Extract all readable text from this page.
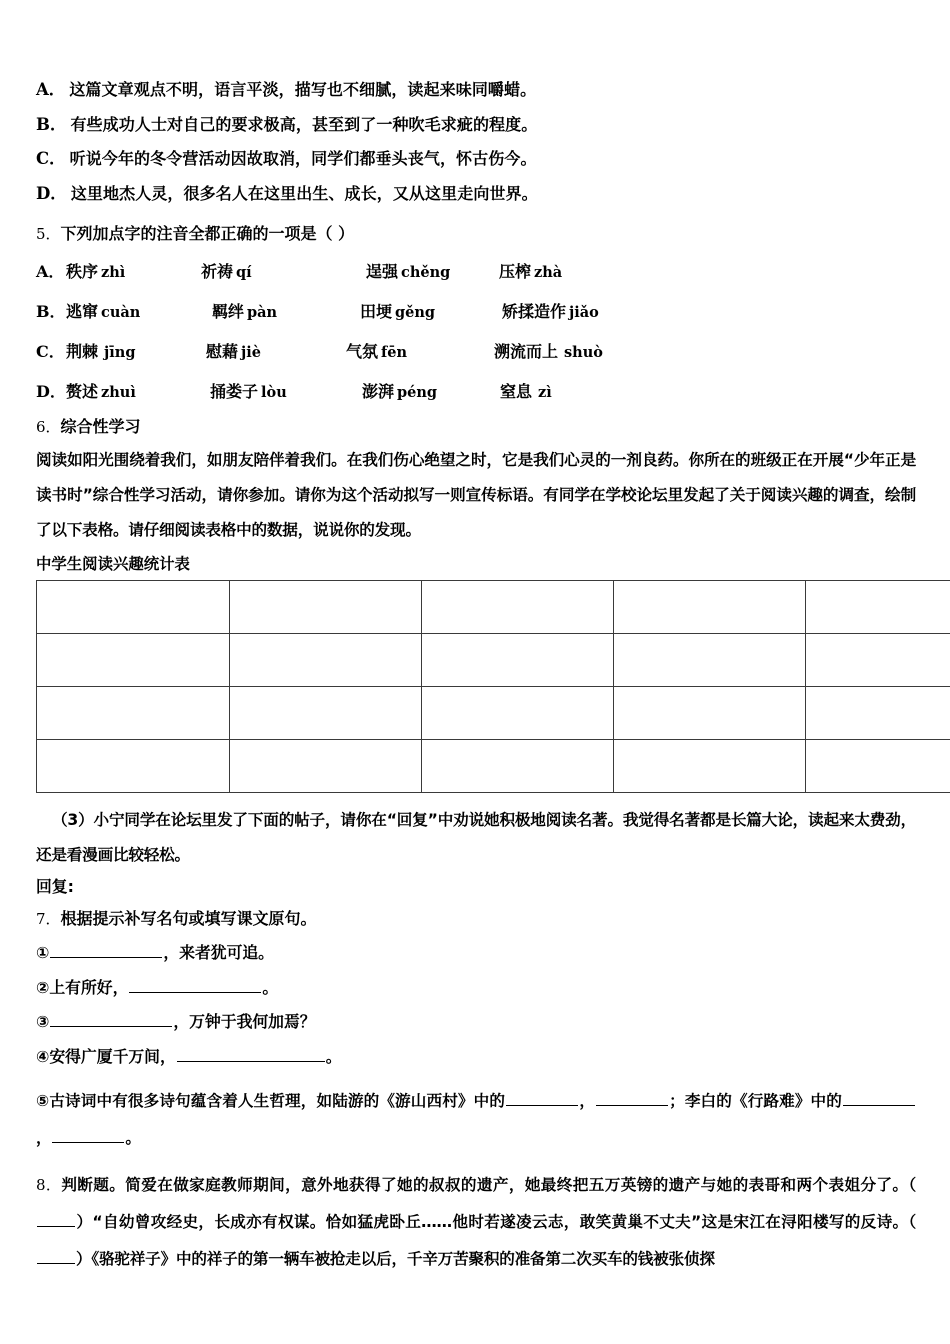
A． 这篇文章观点不明，语言平淡，描写也不细腻，读起来味同嚼蜡。
B． 有些成功人士对自己的要求极高，甚至到了一种吹毛求疵的程度。
C． 听说今年的冬令营活动因故取消，同学们都垂头丧气，怀古伤今。
D． 这里地杰人灵，很多名人在这里出生、成长，又从这里走向世界。
5．下列加点字的注音全都正确的一项是（ ）
A．秩序 zhì	祈祷 qí	逞强 chěng	压榨 zhà
B．逃窜 cuàn	羁绊 pàn	田埂 gěng	矫揉造作 jiǎo
C．荆棘 jīng	慰藉 jiè	气氛 fēn	溯流而上 shuò
D．赘述 zhuì	捅娄子 lòu	澎湃 péng	窒息 zì
6．综合性学习

阅读如阳光围绕着我们，如朋友陪伴着我们。在我们伤心绝望之时，它是我们心灵的一剂良药。你所在的班级正在开展“少年正是读书时”综合性学习活动，请你参加。请你为这个活动拟写一则宣传标语。有同学在学校论坛里发起了关于阅读兴趣的调查，绘制了以下表格。请仔细阅读表格中的数据，说说你的发现。

中学生阅读兴趣统计表

（3）小宁同学在论坛里发了下面的帖子，请你在“回复”中劝说她积极地阅读名著。我觉得名著都是长篇大论，读起来太费劲，还是看漫画比较轻松。

回复:
7．根据提示补写名句或填写课文原句。
①	，来者犹可追。
②上有所好，	。
③	，万钟于我何加焉？
④安得广厦千万间，	。

⑤古诗词中有很多诗句蕴含着人生哲理，如陆游的《游山西村》中的	，	；李白的《行路难》中的，	。

8．判断题。简爱在做家庭教师期间，意外地获得了她的叔叔的遗产，她最终把五万英镑的遗产与她的表哥和两个表姐分了。（）“自幼曾攻经史，长成亦有权谋。恰如猛虎卧丘……他时若遂凌云志，敢笑黄巢不丈夫”这是宋江在浔阳楼写的反诗。（）《骆驼祥子》中的祥子的第一辆车被抢走以后，千辛万苦聚积的准备第二次买车的钱被张侦探
